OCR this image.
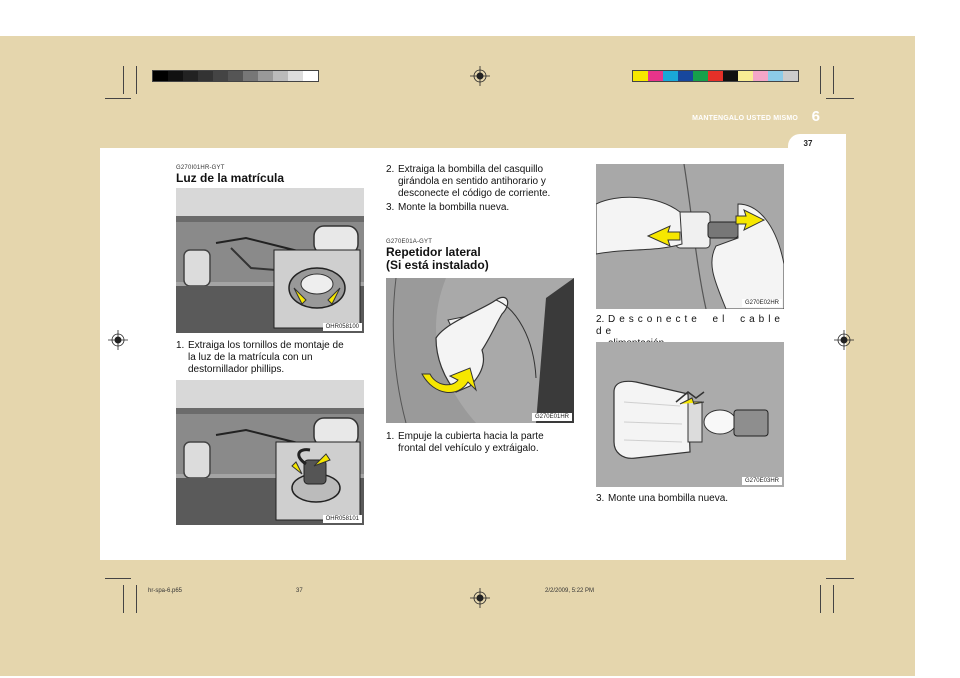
MANTENGALO USTED MISMO 6
37
G270I01HR-GYT
Luz de la matrícula
OHR058100
1. Extraiga los tornillos de montaje de
la luz de la matrícula con un
destornillador phillips.
OHR058101
2. Extraiga la bombilla del casquillo
girándola en sentido antihorario y
desconecte el código de corriente.
3. Monte la bombilla nueva.
G270E01A-GYT
Repetidor lateral
(Si está instalado)
G270E01HR
1. Empuje la cubierta hacia la parte
frontal del vehículo y extráigalo.
G270E02HR
2. Desconecte el cable de
G270E03HR
3. Monte una bombilla nueva.
hr-spa-6.p65	37	2/2/2009, 5:22 PM
